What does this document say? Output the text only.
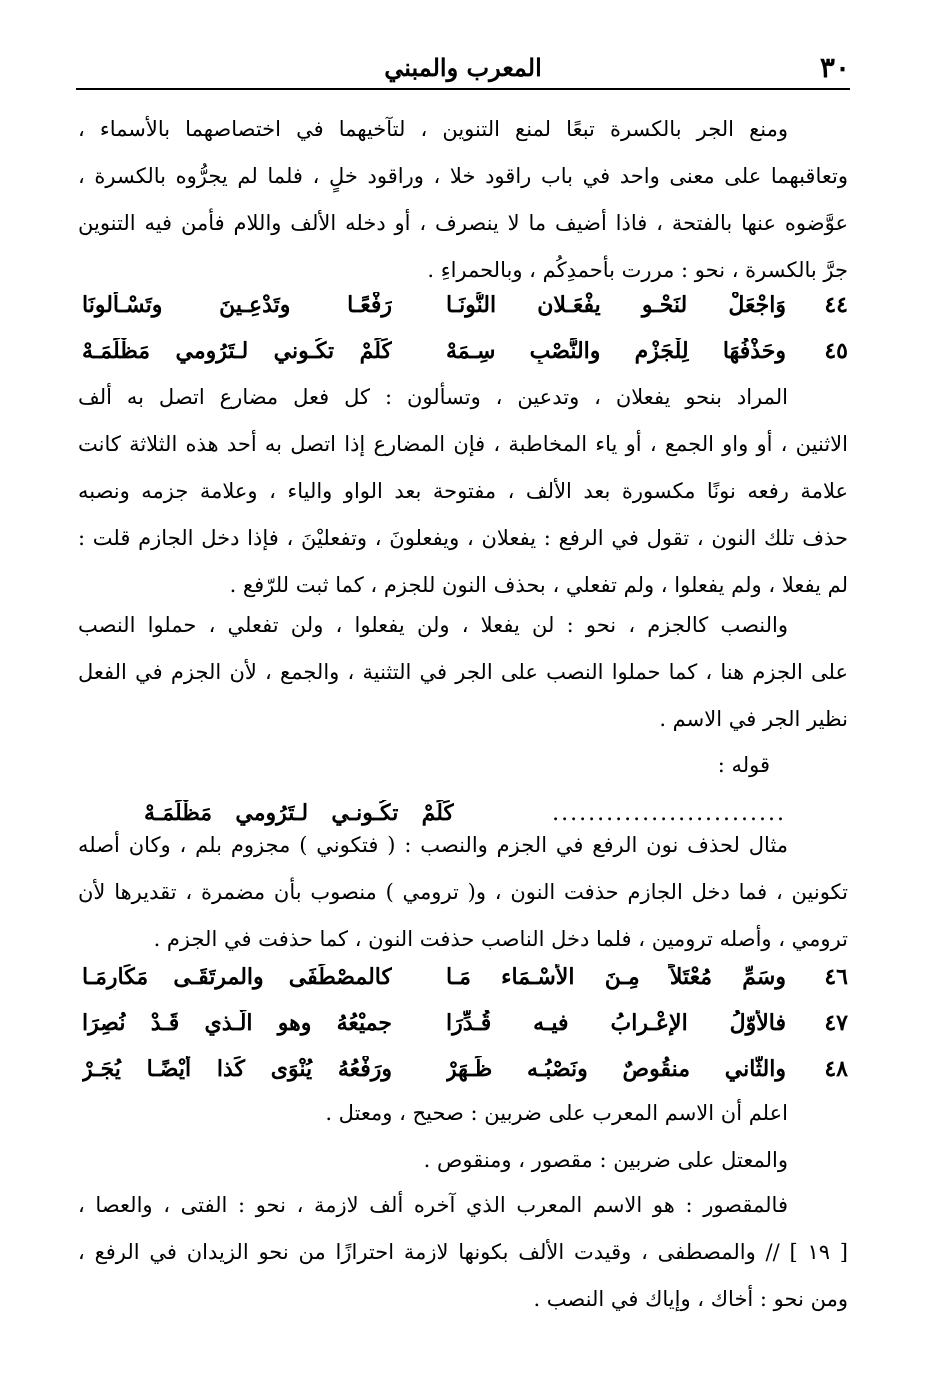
٣٠
المعرب والمبني
ومنع الجر بالكسرة تبعًا لمنع التنوين ، لتآخيهما في اختصاصهما بالأسماء ،
وتعاقبهما على معنى واحد في باب راقود خلا ، وراقود خلٍ ، فلما لم يجرُّوه بالكسرة ،
عوَّضوه عنها بالفتحة ، فاذا أضيف ما لا ينصرف ، أو دخله الألف واللام فأمن فيه التنوين
جرَّ بالكسرة ، نحو : مررت بأحمدِكُم ، وبالحمراءِ .
٤٤
وَاجْعَلْ لنَحْـو يفْعَـلان النُّونَـا
رَفْعًـا وتَدْعِـينَ وتَسْـألونَا
٤٥
وحَذْفُهَا لِلْجَزْمِ والنَّصْبِ سِـمَهْ
كَلَمْ تكُـوني لـتَرُومي مَظْلَمَـهْ
المراد بنحو يفعلان ، وتدعين ، وتسألون : كل فعل مضارع اتصل به ألف
الاثنين ، أو واو الجمع ، أو ياء المخاطبة ، فإن المضارع إذا اتصل به أحد هذه الثلاثة كانت
علامة رفعه نونًا مكسورة بعد الألف ، مفتوحة بعد الواو والياء ، وعلامة جزمه ونصبه
حذف تلك النون ، تقول في الرفع : يفعلان ، ويفعلونَ ، وتفعليْنَ ، فإذا دخل الجازم قلت :
لم يفعلا ، ولم يفعلوا ، ولم تفعلي ، بحذف النون للجزم ، كما ثبت للرّفع .
والنصب كالجزم ، نحو : لن يفعلا ، ولن يفعلوا ، ولن تفعلي ، حملوا النصب
على الجزم هنا ، كما حملوا النصب على الجر في التثنية ، والجمع ، لأن الجزم في الفعل
نظير الجر في الاسم .
قوله :
..........................
كَلَمْ تكُـونـي لـتَرُومي مَظْلَمَـهْ
مثال لحذف نون الرفع في الجزم والنصب : ( فتكوني ) مجزوم بلم ، وكان أصله
تكونين ، فما دخل الجازم حذفت النون ، و( ترومي ) منصوب بأن مضمرة ، تقديرها لأن
ترومي ، وأصله ترومين ، فلما دخل الناصب حذفت النون ، كما حذفت في الجزم .
٤٦
وسَمِّ مُعْتَلاً مِـنَ الأَسْـمَاء مَـا
كالمصْطَفَى والمرتَقَـى مَكَارِمَـا
٤٧
فالأَوّلُ الإعْـرابُ فيـه قُـدِّرَا
جميْعُهُ وهو الَّـذي قَـدْ نُصِرَا
٤٨
والثّاني منقُوصٌ ونَصْبُـه ظَـهَرْ
ورَفْعُهُ يُنْوَى كَذا أيْضًـا يُجَـرْ
اعلم أن الاسم المعرب على ضربين : صحيح ، ومعتل .
والمعتل على ضربين : مقصور ، ومنقوص .
فالمقصور : هو الاسم المعرب الذي آخره ألف لازمة ، نحو : الفتى ، والعصا ،
[ ١٩ ] // والمصطفى ، وقيدت الألف بكونها لازمة احترازًا من نحو الزيدان في الرفع ،
ومن نحو : أخاك ، وإياك في النصب .
